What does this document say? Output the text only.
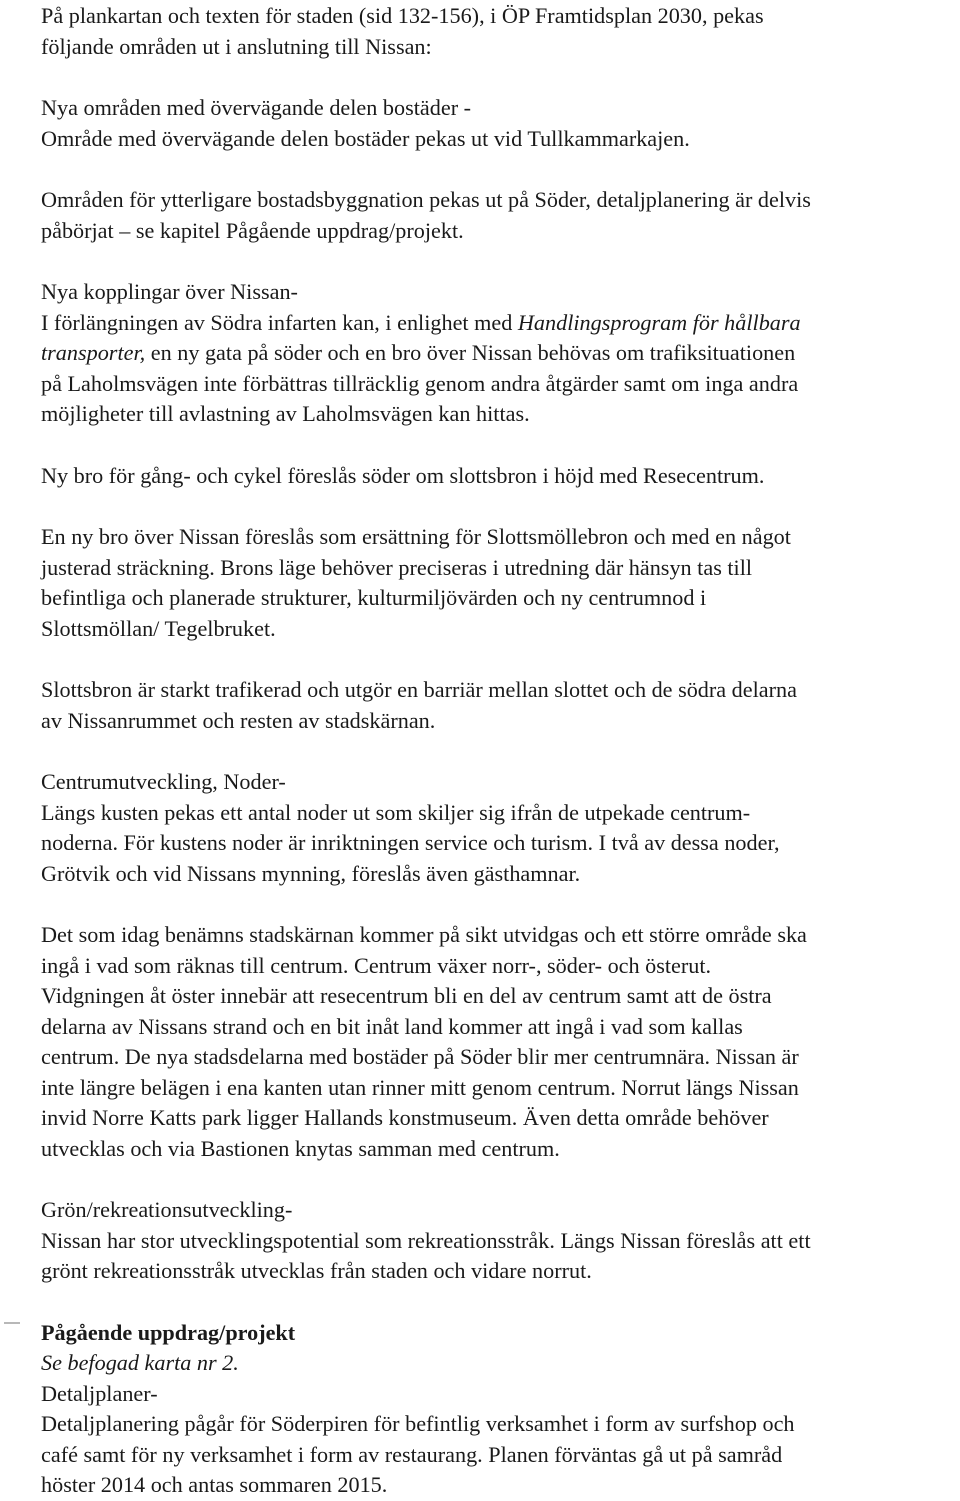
På plankartan och texten för staden (sid 132-156), i ÖP Framtidsplan 2030, pekas
följande områden ut i anslutning till Nissan:

Nya områden med övervägande delen bostäder -
Område med övervägande delen bostäder pekas ut vid Tullkammarkajen.

Områden för ytterligare bostadsbyggnation pekas ut på Söder, detaljplanering är delvis
påbörjat – se kapitel Pågående uppdrag/projekt.

Nya kopplingar över Nissan-
I förlängningen av Södra infarten kan, i enlighet med Handlingsprogram för hållbara
transporter, en ny gata på söder och en bro över Nissan behövas om trafiksituationen
på Laholmsvägen inte förbättras tillräcklig genom andra åtgärder samt om inga andra
möjligheter till avlastning av Laholmsvägen kan hittas.

Ny bro för gång- och cykel föreslås söder om slottsbron i höjd med Resecentrum.

En ny bro över Nissan föreslås som ersättning för Slottsmöllebron och med en något
justerad sträckning. Brons läge behöver preciseras i utredning där hänsyn tas till
befintliga och planerade strukturer, kulturmiljövärden och ny centrumnod i
Slottsmöllan/ Tegelbruket.

Slottsbron är starkt trafikerad och utgör en barriär mellan slottet och de södra delarna
av Nissanrummet och resten av stadskärnan.

Centrumutveckling, Noder-
Längs kusten pekas ett antal noder ut som skiljer sig ifrån de utpekade centrum-
noderna. För kustens noder är inriktningen service och turism. I två av dessa noder,
Grötvik och vid Nissans mynning, föreslås även gästhamnar.

Det som idag benämns stadskärnan kommer på sikt utvidgas och ett större område ska
ingå i vad som räknas till centrum. Centrum växer norr-, söder- och österut.
Vidgningen åt öster innebär att resecentrum bli en del av centrum samt att de östra
delarna av Nissans strand och en bit inåt land kommer att ingå i vad som kallas
centrum. De nya stadsdelarna med bostäder på Söder blir mer centrumnära. Nissan är
inte längre belägen i ena kanten utan rinner mitt genom centrum. Norrut längs Nissan
invid Norre Katts park ligger Hallands konstmuseum. Även detta område behöver
utvecklas och via Bastionen knytas samman med centrum.

Grön/rekreationsutveckling-
Nissan har stor utvecklingspotential som rekreationsstråk. Längs Nissan föreslås att ett
grönt rekreationsstråk utvecklas från staden och vidare norrut.

Pågående uppdrag/projekt
Se befogad karta nr 2.
Detaljplaner-
Detaljplanering pågår för Söderpiren för befintlig verksamhet i form av surfshop och
café samt för ny verksamhet i form av restaurang. Planen förväntas gå ut på samråd
höster 2014 och antas sommaren 2015.
